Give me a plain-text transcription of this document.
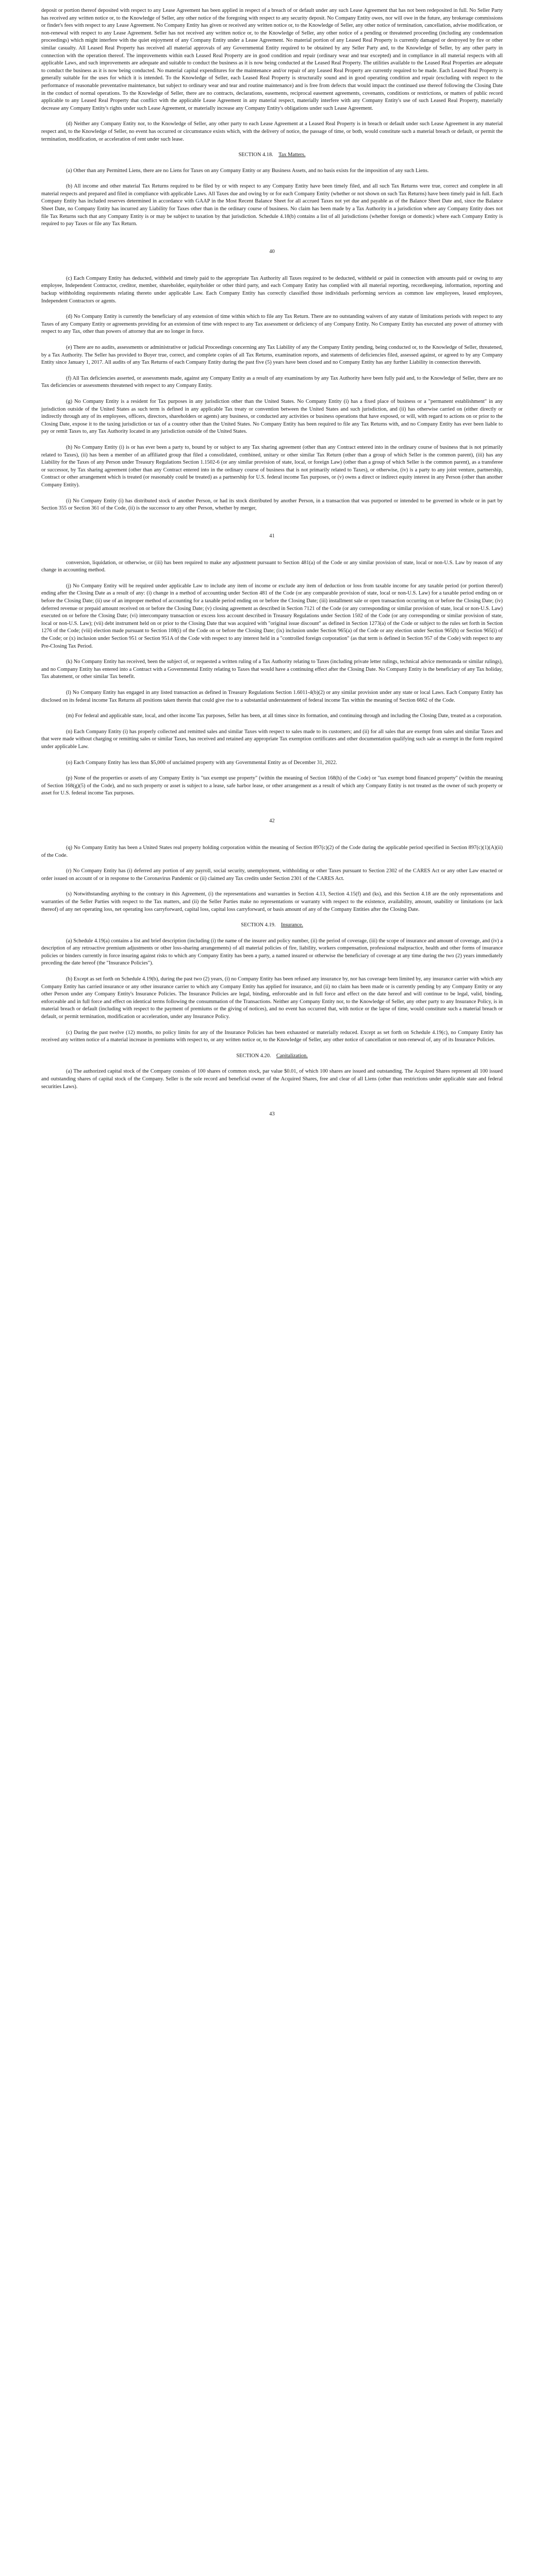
deposit or portion thereof deposited with respect to any Lease Agreement has been applied in respect of a breach of or default under any such Lease Agreement that has not been redeposited in full. No Seller Party has received any written notice or, to the Knowledge of Seller, any other notice of the foregoing with respect to any security deposit. No Company Entity owes, nor will owe in the future, any brokerage commissions or finder's fees with respect to any Lease Agreement. No Company Entity has given or received any written notice or, to the Knowledge of Seller, any other notice of termination, cancellation, advise modification, or non-renewal with respect to any Lease Agreement. Seller has not received any written notice or, to the Knowledge of Seller, any other notice of a pending or threatened proceeding (including any condemnation proceedings) which might interfere with the quiet enjoyment of any Company Entity under a Lease Agreement. No material portion of any Leased Real Property is currently damaged or destroyed by fire or other similar casualty. All Leased Real Property has received all material approvals of any Governmental Entity required to be obtained by any Seller Party and, to the Knowledge of Seller, by any other party in connection with the operation thereof. The improvements within each Leased Real Property are in good condition and repair (ordinary wear and tear excepted) and in compliance in all material respects with all applicable Laws, and such improvements are adequate and suitable to conduct the business as it is now being conducted at the Leased Real Property. The utilities available to the Leased Real Properties are adequate to conduct the business as it is now being conducted. No material capital expenditures for the maintenance and/or repair of any Leased Real Property are currently required to be made. Each Leased Real Property is generally suitable for the uses for which it is intended. To the Knowledge of Seller, each Leased Real Property is structurally sound and in good operating condition and repair (excluding with respect to the performance of reasonable preventative maintenance, but subject to ordinary wear and tear and routine maintenance) and is free from defects that would impact the continued use thereof following the Closing Date in the conduct of normal operations. To the Knowledge of Seller, there are no contracts, declarations, easements, reciprocal easement agreements, covenants, conditions or restrictions, or matters of public record applicable to any Leased Real Property that conflict with the applicable Lease Agreement in any material respect, materially interfere with any Company Entity's use of such Leased Real Property, materially decrease any Company Entity's rights under such Lease Agreement, or materially increase any Company Entity's obligations under such Lease Agreement.

(d) Neither any Company Entity nor, to the Knowledge of Seller, any other party to each Lease Agreement at a Leased Real Property is in breach or default under such Lease Agreement in any material respect and, to the Knowledge of Seller, no event has occurred or circumstance exists which, with the delivery of notice, the passage of time, or both, would constitute such a material breach or default, or permit the termination, modification, or acceleration of rent under such lease.

SECTION 4.18. Tax Matters.

(a) Other than any Permitted Liens, there are no Liens for Taxes on any Company Entity or any Business Assets, and no basis exists for the imposition of any such Liens.

(b) All income and other material Tax Returns required to be filed by or with respect to any Company Entity have been timely filed, and all such Tax Returns were true, correct and complete in all material respects and prepared and filed in compliance with applicable Laws. All Taxes due and owing by or for each Company Entity (whether or not shown on such Tax Returns) have been timely paid in full. Each Company Entity has included reserves determined in accordance with GAAP in the Most Recent Balance Sheet for all accrued Taxes not yet due and payable as of the Balance Sheet Date and, since the Balance Sheet Date, no Company Entity has incurred any Liability for Taxes other than in the ordinary course of business. No claim has been made by a Tax Authority in a jurisdiction where any Company Entity does not file Tax Returns such that any Company Entity is or may be subject to taxation by that jurisdiction. Schedule 4.18(b) contains a list of all jurisdictions (whether foreign or domestic) where each Company Entity is required to pay Taxes or file any Tax Return.

40

(c) Each Company Entity has deducted, withheld and timely paid to the appropriate Tax Authority all Taxes required to be deducted, withheld or paid in connection with amounts paid or owing to any employee, Independent Contractor, creditor, member, shareholder, equityholder or other third party, and each Company Entity has complied with all material reporting, recordkeeping, information, reporting and backup withholding requirements relating thereto under applicable Law. Each Company Entity has correctly classified those individuals performing services as common law employees, leased employees, Independent Contractors or agents.

(d) No Company Entity is currently the beneficiary of any extension of time within which to file any Tax Return. There are no outstanding waivers of any statute of limitations periods with respect to any Taxes of any Company Entity or agreements providing for an extension of time with respect to any Tax assessment or deficiency of any Company Entity. No Company Entity has executed any power of attorney with respect to any Tax, other than powers of attorney that are no longer in force.

(e) There are no audits, assessments or administrative or judicial Proceedings concerning any Tax Liability of any the Company Entity pending, being conducted or, to the Knowledge of Seller, threatened, by a Tax Authority. The Seller has provided to Buyer true, correct, and complete copies of all Tax Returns, examination reports, and statements of deficiencies filed, assessed against, or agreed to by any Company Entity since January 1, 2017. All audits of any Tax Returns of each Company Entity during the past five (5) years have been closed and no Company Entity has any further Liability in connection therewith.

(f) All Tax deficiencies asserted, or assessments made, against any Company Entity as a result of any examinations by any Tax Authority have been fully paid and, to the Knowledge of Seller, there are no Tax deficiencies or assessments threatened with respect to any Company Entity.

(g) No Company Entity is a resident for Tax purposes in any jurisdiction other than the United States. No Company Entity (i) has a fixed place of business or a "permanent establishment" in any jurisdiction outside of the United States as such term is defined in any applicable Tax treaty or convention between the United States and such jurisdiction, and (ii) has otherwise carried on (either directly or indirectly through any of its employees, officers, directors, shareholders or agents) any business, or conducted any activities or business operations that have exposed, or will, with regard to actions on or prior to the Closing Date, expose it to the taxing jurisdiction or tax of a country other than the United States. No Company Entity has been required to file any Tax Returns with, and no Company Entity has ever been liable to pay or remit Taxes to, any Tax Authority located in any jurisdiction outside of the United States.

(h) No Company Entity (i) is or has ever been a party to, bound by or subject to any Tax sharing agreement (other than any Contract entered into in the ordinary course of business that is not primarily related to Taxes), (ii) has been a member of an affiliated group that filed a consolidated, combined, unitary or other similar Tax Return (other than a group of which Seller is the common parent), (iii) has any Liability for the Taxes of any Person under Treasury Regulations Section 1.1502-6 (or any similar provision of state, local, or foreign Law) (other than a group of which Seller is the common parent), as a transferee or successor, by Tax sharing agreement (other than any Contract entered into in the ordinary course of business that is not primarily related to Taxes), or otherwise, (iv) is a party to any joint venture, partnership, Contract or other arrangement which is treated (or reasonably could be treated) as a partnership for U.S. federal income Tax purposes, or (v) owns a direct or indirect equity interest in any Person (other than another Company Entity).

(i) No Company Entity (i) has distributed stock of another Person, or had its stock distributed by another Person, in a transaction that was purported or intended to be governed in whole or in part by Section 355 or Section 361 of the Code, (ii) is the successor to any other Person, whether by merger,

41

conversion, liquidation, or otherwise, or (iii) has been required to make any adjustment pursuant to Section 481(a) of the Code or any similar provision of state, local or non-U.S. Law by reason of any change in accounting method.

(j) No Company Entity will be required under applicable Law to include any item of income or exclude any item of deduction or loss from taxable income for any taxable period (or portion thereof) ending after the Closing Date as a result of any: (i) change in a method of accounting under Section 481 of the Code (or any comparable provision of state, local or non-U.S. Law) for a taxable period ending on or before the Closing Date; (ii) use of an improper method of accounting for a taxable period ending on or before the Closing Date; (iii) installment sale or open transaction occurring on or before the Closing Date; (iv) deferred revenue or prepaid amount received on or before the Closing Date; (v) closing agreement as described in Section 7121 of the Code (or any corresponding or similar provision of state, local or non-U.S. Law) executed on or before the Closing Date; (vi) intercompany transaction or excess loss account described in Treasury Regulations under Section 1502 of the Code (or any corresponding or similar provision of state, local or non-U.S. Law); (vii) debt instrument held on or prior to the Closing Date that was acquired with "original issue discount" as defined in Section 1273(a) of the Code or subject to the rules set forth in Section 1276 of the Code; (viii) election made pursuant to Section 108(i) of the Code on or before the Closing Date; (ix) inclusion under Section 965(a) of the Code or any election under Section 965(h) or Section 965(i) of the Code; or (x) inclusion under Section 951 or Section 951A of the Code with respect to any interest held in a "controlled foreign corporation" (as that term is defined in Section 957 of the Code) with respect to any Pre-Closing Tax Period.

(k) No Company Entity has received, been the subject of, or requested a written ruling of a Tax Authority relating to Taxes (including private letter rulings, technical advice memoranda or similar rulings), and no Company Entity has entered into a Contract with a Governmental Entity relating to Taxes that would have a continuing effect after the Closing Date. No Company Entity is the beneficiary of any Tax holiday, Tax abatement, or other similar Tax benefit.

(l) No Company Entity has engaged in any listed transaction as defined in Treasury Regulations Section 1.6011-4(b)(2) or any similar provision under any state or local Laws. Each Company Entity has disclosed on its federal income Tax Returns all positions taken therein that could give rise to a substantial understatement of federal income Tax within the meaning of Section 6662 of the Code.

(m) For federal and applicable state, local, and other income Tax purposes, Seller has been, at all times since its formation, and continuing through and including the Closing Date, treated as a corporation.

(n) Each Company Entity (i) has properly collected and remitted sales and similar Taxes with respect to sales made to its customers; and (ii) for all sales that are exempt from sales and similar Taxes and that were made without charging or remitting sales or similar Taxes, has received and retained any appropriate Tax exemption certificates and other documentation qualifying such sale as exempt in the form required under applicable Law.

(o) Each Company Entity has less than $5,000 of unclaimed property with any Governmental Entity as of December 31, 2022.

(p) None of the properties or assets of any Company Entity is "tax exempt use property" (within the meaning of Section 168(h) of the Code) or "tax exempt bond financed property" (within the meaning of Section 168(g)(5) of the Code), and no such property or asset is subject to a lease, safe harbor lease, or other arrangement as a result of which any Company Entity is not treated as the owner of such property or asset for U.S. federal income Tax purposes.

42

(q) No Company Entity has been a United States real property holding corporation within the meaning of Section 897(c)(2) of the Code during the applicable period specified in Section 897(c)(1)(A)(ii) of the Code.

(r) No Company Entity has (i) deferred any portion of any payroll, social security, unemployment, withholding or other Taxes pursuant to Section 2302 of the CARES Act or any other Law enacted or order issued on account of or in response to the Coronavirus Pandemic or (ii) claimed any Tax credits under Section 2301 of the CARES Act.

(s) Notwithstanding anything to the contrary in this Agreement, (i) the representations and warranties in Section 4.13, Section 4.15(f) and (ks), and this Section 4.18 are the only representations and warranties of the Seller Parties with respect to the Tax matters, and (ii) the Seller Parties make no representations or warranty with respect to the existence, availability, amount, usability or limitations (or lack thereof) of any net operating loss, net operating loss carryforward, capital loss, capital loss carryforward, or basis amount of any of the Company Entities after the Closing Date.

SECTION 4.19. Insurance.

(a) Schedule 4.19(a) contains a list and brief description (including (i) the name of the insurer and policy number, (ii) the period of coverage, (iii) the scope of insurance and amount of coverage, and (iv) a description of any retroactive premium adjustments or other loss-sharing arrangements) of all material policies of fire, liability, workers compensation, professional malpractice, health and other forms of insurance policies or binders currently in force insuring against risks to which any Company Entity has been a party, a named insured or otherwise the beneficiary of coverage at any time during the two (2) years immediately preceding the date hereof (the "Insurance Policies").

(b) Except as set forth on Schedule 4.19(b), during the past two (2) years, (i) no Company Entity has been refused any insurance by, nor has coverage been limited by, any insurance carrier with which any Company Entity has carried insurance or any other insurance carrier to which any Company Entity has applied for insurance, and (ii) no claim has been made or is currently pending by any Company Entity or any other Person under any Company Entity's Insurance Policies. The Insurance Policies are legal, binding, enforceable and in full force and effect on the date hereof and will continue to be legal, valid, binding, enforceable and in full force and effect on identical terms following the consummation of the Transactions. Neither any Company Entity nor, to the Knowledge of Seller, any other party to any Insurance Policy, is in material breach or default (including with respect to the payment of premiums or the giving of notices), and no event has occurred that, with notice or the lapse of time, would constitute such a material breach or default, or permit termination, modification or acceleration, under any Insurance Policy.

(c) During the past twelve (12) months, no policy limits for any of the Insurance Policies has been exhausted or materially reduced. Except as set forth on Schedule 4.19(c), no Company Entity has received any written notice of a material increase in premiums with respect to, or any written notice or, to the Knowledge of Seller, any other notice of cancellation or non-renewal of, any of its Insurance Policies.

SECTION 4.20. Capitalization.

(a) The authorized capital stock of the Company consists of 100 shares of common stock, par value $0.01, of which 100 shares are issued and outstanding. The Acquired Shares represent all 100 issued and outstanding shares of capital stock of the Company. Seller is the sole record and beneficial owner of the Acquired Shares, free and clear of all Liens (other than restrictions under applicable state and federal securities Laws).

43
